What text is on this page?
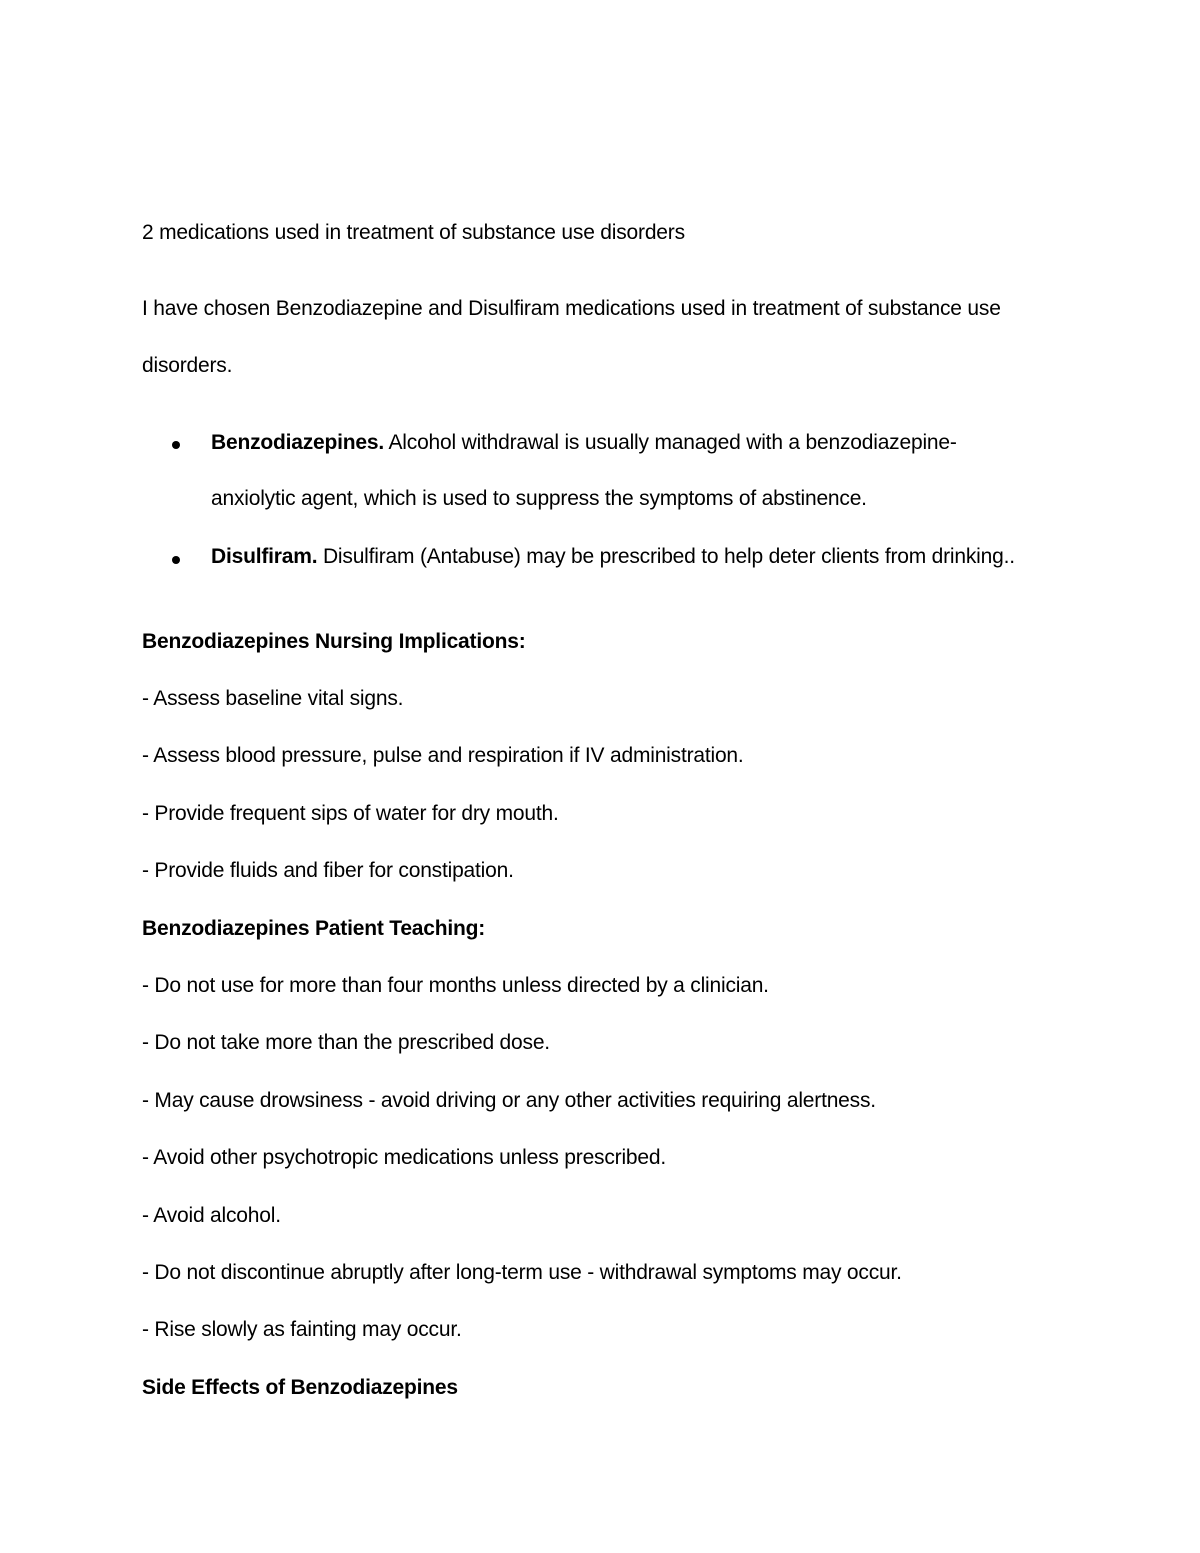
2 medications used in treatment of substance use disorders
I have chosen Benzodiazepine and Disulfiram medications used in treatment of substance use
disorders.
Benzodiazepines. Alcohol withdrawal is usually managed with a benzodiazepine-
anxiolytic agent, which is used to suppress the symptoms of abstinence.
Disulfiram. Disulfiram (Antabuse) may be prescribed to help deter clients from drinking..
Benzodiazepines Nursing Implications:
- Assess baseline vital signs.
- Assess blood pressure, pulse and respiration if IV administration.
- Provide frequent sips of water for dry mouth.
- Provide fluids and fiber for constipation.
Benzodiazepines Patient Teaching:
- Do not use for more than four months unless directed by a clinician.
- Do not take more than the prescribed dose.
- May cause drowsiness - avoid driving or any other activities requiring alertness.
- Avoid other psychotropic medications unless prescribed.
- Avoid alcohol.
- Do not discontinue abruptly after long-term use - withdrawal symptoms may occur.
- Rise slowly as fainting may occur.
Side Effects of Benzodiazepines
